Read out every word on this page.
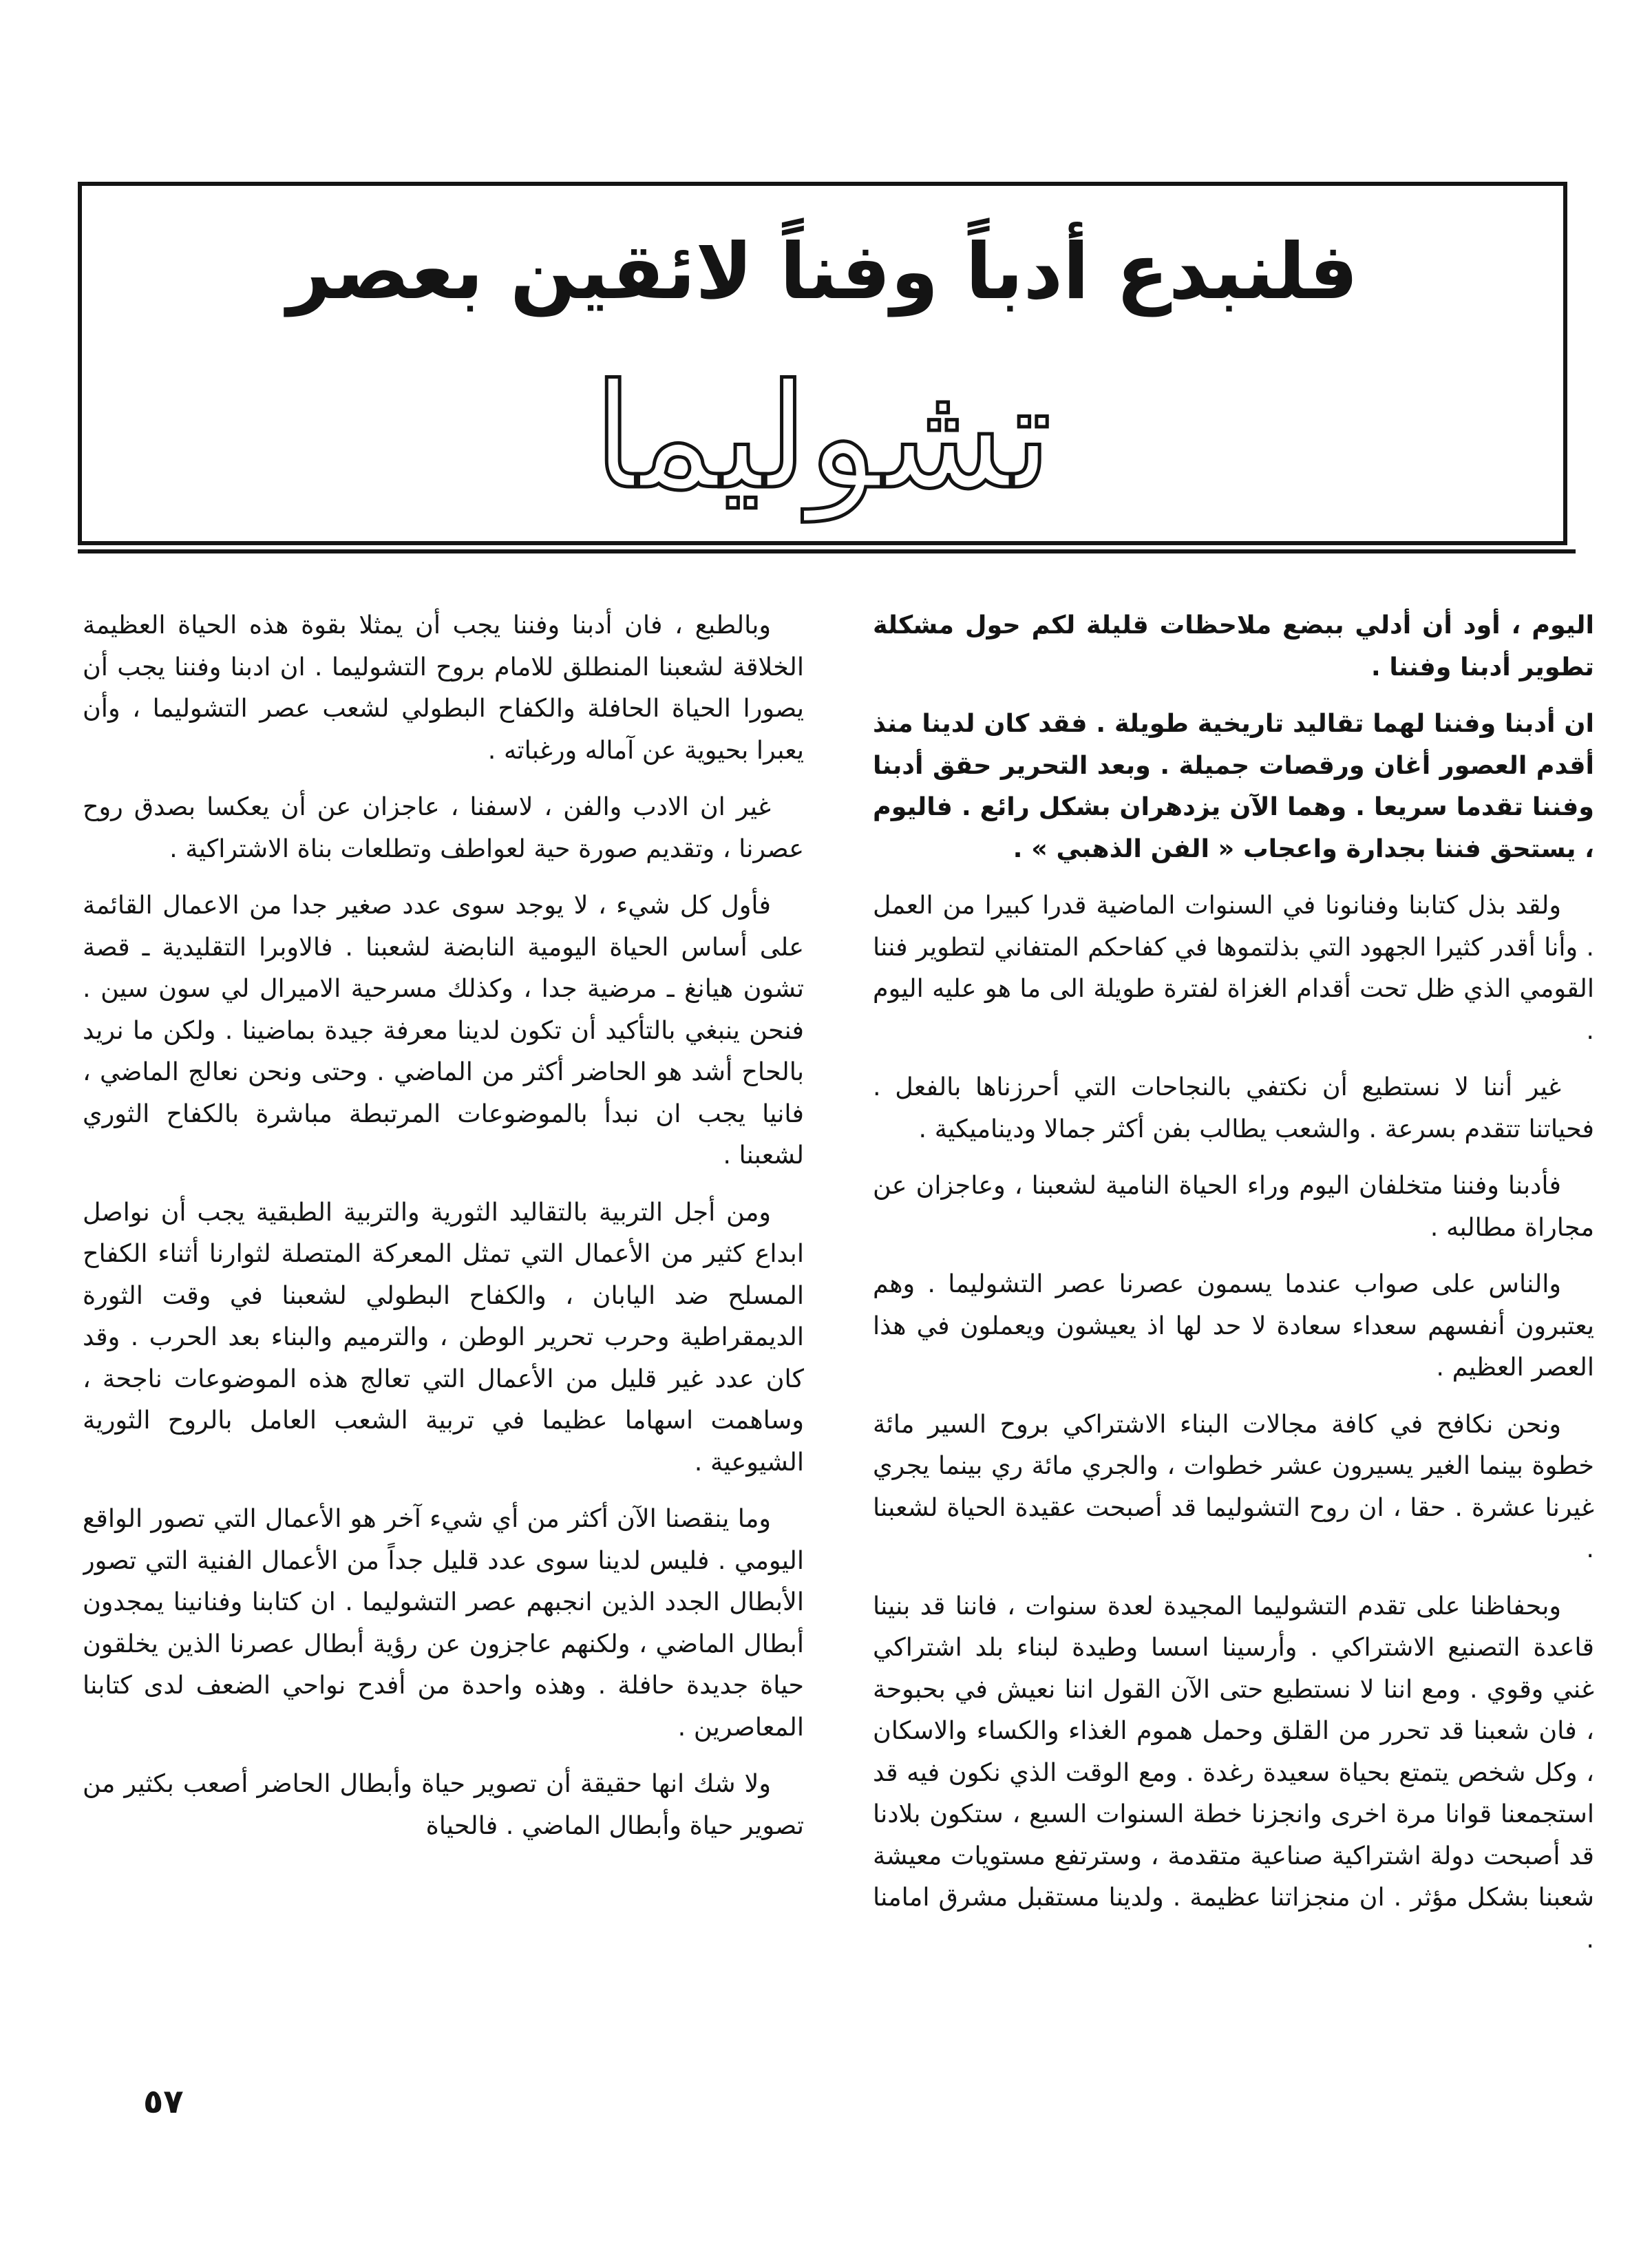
فلنبدع أدباً وفناً لائقين بعصر
تشوليما

اليوم ، أود أن أدلي ببضع ملاحظات قليلة لكم حول مشكلة تطوير أدبنا وفننا .

ان أدبنا وفننا لهما تقاليد تاريخية طويلة . فقد كان لدينا منذ أقدم العصور أغان ورقصات جميلة . وبعد التحرير حقق أدبنا وفننا تقدما سريعا . وهما الآن يزدهران بشكل رائع . فاليوم ، يستحق فننا بجدارة واعجاب « الفن الذهبي » .

ولقد بذل كتابنا وفنانونا في السنوات الماضية قدرا كبيرا من العمل . وأنا أقدر كثيرا الجهود التي بذلتموها في كفاحكم المتفاني لتطوير فننا القومي الذي ظل تحت أقدام الغزاة لفترة طويلة الى ما هو عليه اليوم .

غير أننا لا نستطيع أن نكتفي بالنجاحات التي أحرزناها بالفعل . فحياتنا تتقدم بسرعة . والشعب يطالب بفن أكثر جمالا وديناميكية .

فأدبنا وفننا متخلفان اليوم وراء الحياة النامية لشعبنا ، وعاجزان عن مجاراة مطالبه .

والناس على صواب عندما يسمون عصرنا عصر التشوليما . وهم يعتبرون أنفسهم سعداء سعادة لا حد لها اذ يعيشون ويعملون في هذا العصر العظيم .

ونحن نكافح في كافة مجالات البناء الاشتراكي بروح السير مائة خطوة بينما الغير يسيرون عشر خطوات ، والجري مائة ري بينما يجري غيرنا عشرة . حقا ، ان روح التشوليما قد أصبحت عقيدة الحياة لشعبنا .

وبحفاظنا على تقدم التشوليما المجيدة لعدة سنوات ، فاننا قد بنينا قاعدة التصنيع الاشتراكي . وأرسينا اسسا وطيدة لبناء بلد اشتراكي غني وقوي . ومع اننا لا نستطيع حتى الآن القول اننا نعيش في بحبوحة ، فان شعبنا قد تحرر من القلق وحمل هموم الغذاء والكساء والاسكان ، وكل شخص يتمتع بحياة سعيدة رغدة . ومع الوقت الذي نكون فيه قد استجمعنا قوانا مرة اخرى وانجزنا خطة السنوات السبع ، ستكون بلادنا قد أصبحت دولة اشتراكية صناعية متقدمة ، وسترتفع مستويات معيشة شعبنا بشكل مؤثر . ان منجزاتنا عظيمة . ولدينا مستقبل مشرق امامنا .

وبالطبع ، فان أدبنا وفننا يجب أن يمثلا بقوة هذه الحياة العظيمة الخلاقة لشعبنا المنطلق للامام بروح التشوليما . ان ادبنا وفننا يجب أن يصورا الحياة الحافلة والكفاح البطولي لشعب عصر التشوليما ، وأن يعبرا بحيوية عن آماله ورغباته .

غير ان الادب والفن ، لاسفنا ، عاجزان عن أن يعكسا بصدق روح عصرنا ، وتقديم صورة حية لعواطف وتطلعات بناة الاشتراكية .

فأول كل شيء ، لا يوجد سوى عدد صغير جدا من الاعمال القائمة على أساس الحياة اليومية النابضة لشعبنا . فالاوبرا التقليدية ـ قصة تشون هيانغ ـ مرضية جدا ، وكذلك مسرحية الاميرال لي سون سين . فنحن ينبغي بالتأكيد أن تكون لدينا معرفة جيدة بماضينا . ولكن ما نريد بالحاح أشد هو الحاضر أكثر من الماضي . وحتى ونحن نعالج الماضي ، فانيا يجب ان نبدأ بالموضوعات المرتبطة مباشرة بالكفاح الثوري لشعبنا .

ومن أجل التربية بالتقاليد الثورية والتربية الطبقية يجب أن نواصل ابداع كثير من الأعمال التي تمثل المعركة المتصلة لثوارنا أثناء الكفاح المسلح ضد اليابان ، والكفاح البطولي لشعبنا في وقت الثورة الديمقراطية وحرب تحرير الوطن ، والترميم والبناء بعد الحرب . وقد كان عدد غير قليل من الأعمال التي تعالج هذه الموضوعات ناجحة ، وساهمت اسهاما عظيما في تربية الشعب العامل بالروح الثورية الشيوعية .

وما ينقصنا الآن أكثر من أي شيء آخر هو الأعمال التي تصور الواقع اليومي . فليس لدينا سوى عدد قليل جداً من الأعمال الفنية التي تصور الأبطال الجدد الذين انجبهم عصر التشوليما . ان كتابنا وفنانينا يمجدون أبطال الماضي ، ولكنهم عاجزون عن رؤية أبطال عصرنا الذين يخلقون حياة جديدة حافلة . وهذه واحدة من أفدح نواحي الضعف لدى كتابنا المعاصرين .

ولا شك انها حقيقة أن تصوير حياة وأبطال الحاضر أصعب بكثير من تصوير حياة وأبطال الماضي . فالحياة

٥٧
